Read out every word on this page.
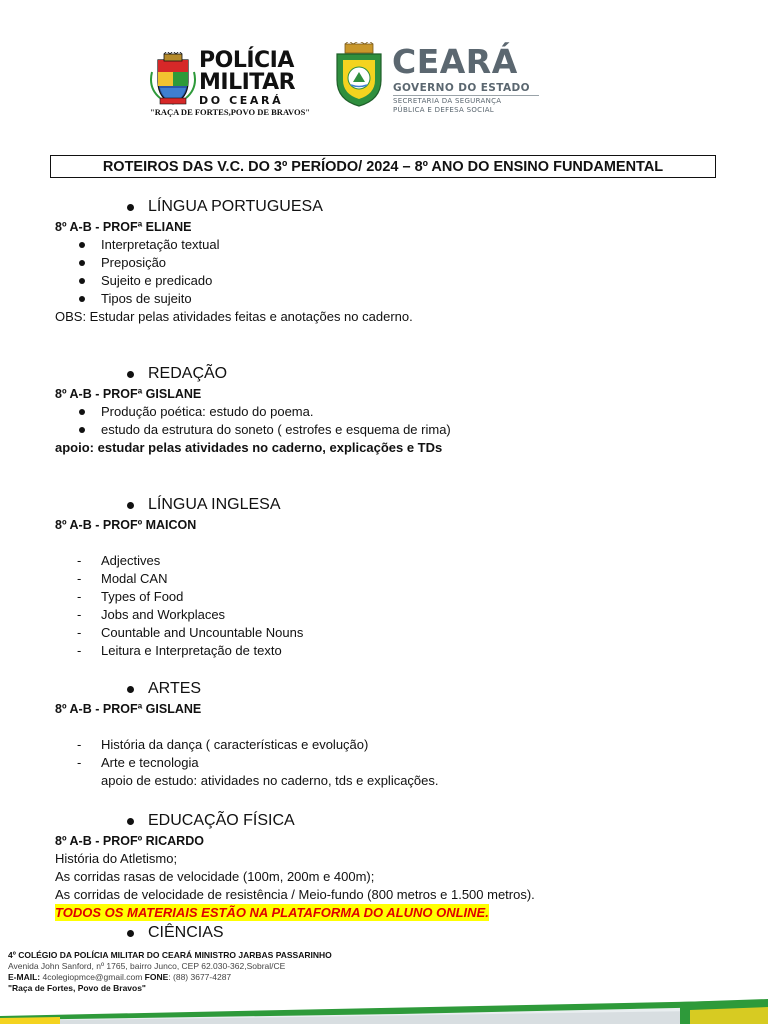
POLÍCIA
MILITAR
DO CEARÁ
"RAÇA DE FORTES,POVO DE BRAVOS"
CEARÁ
GOVERNO DO ESTADO
SECRETARIA DA SEGURANÇA
PÚBLICA E DEFESA SOCIAL
ROTEIROS DAS V.C. DO 3º PERÍODO/ 2024 – 8º ANO DO ENSINO FUNDAMENTAL
LÍNGUA PORTUGUESA
8º A-B - PROFª ELIANE
Interpretação textual
Preposição
Sujeito e predicado
Tipos de sujeito
OBS: Estudar pelas atividades feitas e anotações no caderno.
REDAÇÃO
8º A-B - PROFª GISLANE
Produção poética: estudo do poema.
estudo da estrutura do soneto ( estrofes e esquema de rima)
apoio: estudar pelas atividades no caderno, explicações e TDs
LÍNGUA INGLESA
8º A-B - PROFº MAICON
- Adjectives
- Modal CAN
- Types of Food
- Jobs and Workplaces
- Countable and Uncountable Nouns
- Leitura e Interpretação de texto
ARTES
8º A-B - PROFª GISLANE
- História da dança ( características e evolução)
- Arte e tecnologia
apoio de estudo: atividades no caderno, tds e explicações.
EDUCAÇÃO FÍSICA
8º A-B - PROFº RICARDO
História do Atletismo;
As corridas rasas de velocidade (100m, 200m e 400m);
As corridas de velocidade de resistência / Meio-fundo (800 metros e 1.500 metros).
TODOS OS MATERIAIS ESTÃO NA PLATAFORMA DO ALUNO ONLINE.
CIÊNCIAS
4º COLÉGIO DA POLÍCIA MILITAR DO CEARÁ MINISTRO JARBAS PASSARINHO
Avenida John Sanford, nº 1765, bairro Junco, CEP 62.030-362,Sobral/CE
E-MAIL: 4colegiopmce@gmail.com FONE: (88) 3677-4287
"Raça de Fortes, Povo de Bravos"
